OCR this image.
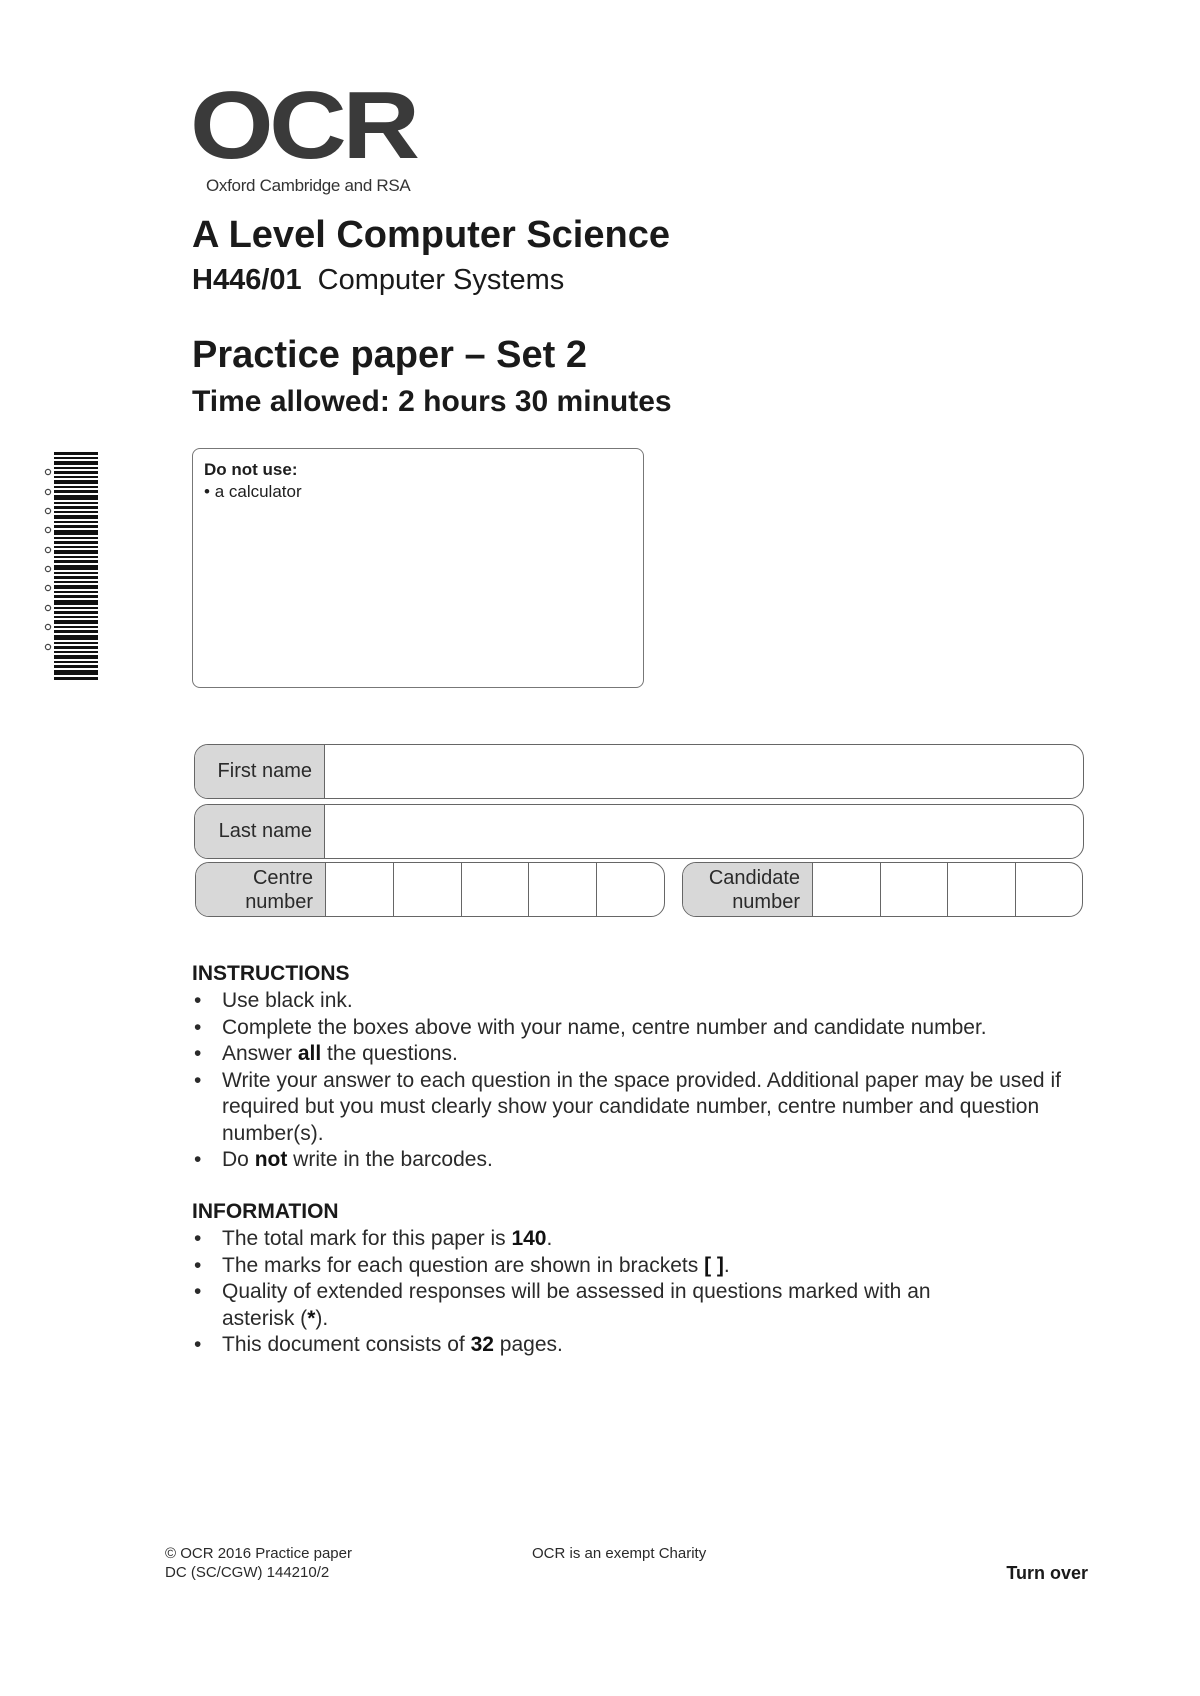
OCR
Oxford Cambridge and RSA
A Level Computer Science
H446/01 Computer Systems
Practice paper – Set 2
Time allowed: 2 hours 30 minutes
Do not use:
• a calculator
First name
Last name
Centre
number
Candidate
number
INSTRUCTIONS
• Use black ink.
• Complete the boxes above with your name, centre number and candidate number.
• Answer all the questions.
• Write your answer to each question in the space provided. Additional paper may be used if required but you must clearly show your candidate number, centre number and question number(s).
• Do not write in the barcodes.
INFORMATION
• The total mark for this paper is 140.
• The marks for each question are shown in brackets [ ].
• Quality of extended responses will be assessed in questions marked with an asterisk (*).
• This document consists of 32 pages.
© OCR 2016 Practice paper
DC (SC/CGW) 144210/2
OCR is an exempt Charity
Turn over
